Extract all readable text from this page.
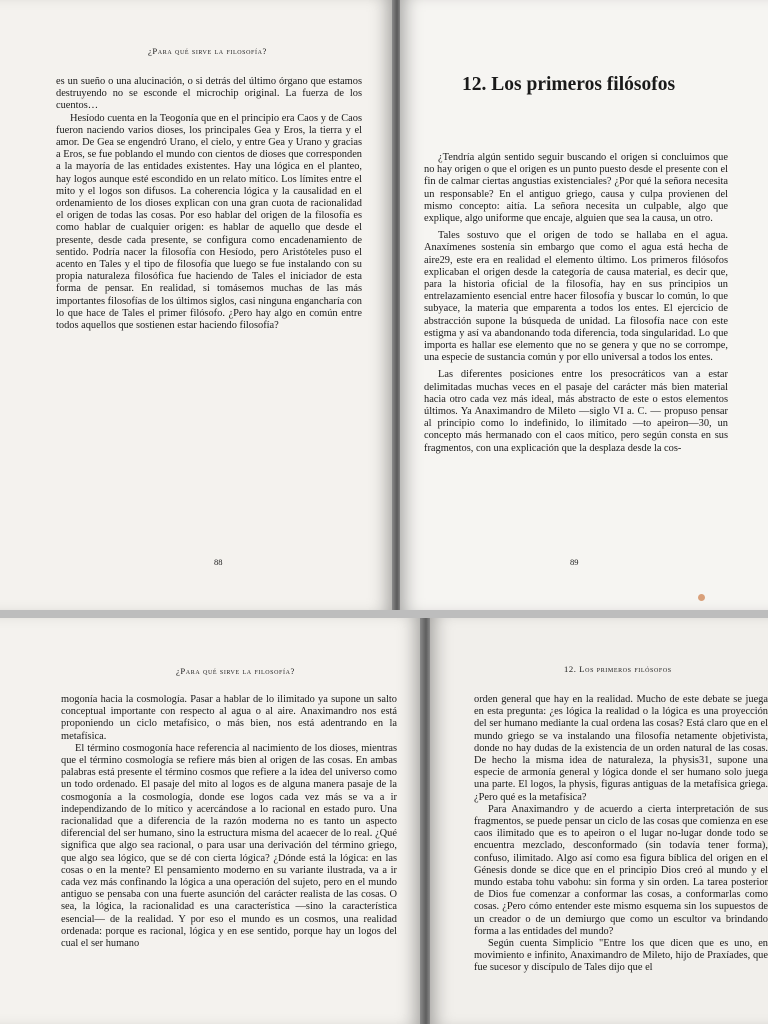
¿Para qué sirve la filosofía?

es un sueño o una alucinación, o si detrás del último órgano que estamos destruyendo no se esconde el microchip original. La fuerza de los cuentos…

Hesíodo cuenta en la Teogonía que en el principio era Caos y de Caos fueron naciendo varios dioses, los principales Gea y Eros, la tierra y el amor. De Gea se engendró Urano, el cielo, y entre Gea y Urano y gracias a Eros, se fue poblando el mundo con cientos de dioses que corresponden a la mayoría de las entidades existentes. Hay una lógica en el planteo, hay logos aunque esté escondido en un relato mítico. Los límites entre el mito y el logos son difusos. La coherencia lógica y la causalidad en el ordenamiento de los dioses explican con una gran cuota de racionalidad el origen de todas las cosas. Por eso hablar del origen de la filosofía es como hablar de cualquier origen: es hablar de aquello que desde el presente, desde cada presente, se configura como encadenamiento de sentido. Podría nacer la filosofía con Hesíodo, pero Aristóteles puso el acento en Tales y el tipo de filosofía que luego se fue instalando con su propia naturaleza filosófica fue haciendo de Tales el iniciador de esta forma de pensar. En realidad, si tomásemos muchas de las más importantes filosofías de los últimos siglos, casi ninguna engancharía con lo que hace de Tales el primer filósofo. ¿Pero hay algo en común entre todos aquellos que sostienen estar haciendo filosofía?

88
12. Los primeros filósofos

¿Tendría algún sentido seguir buscando el origen si concluimos que no hay origen o que el origen es un punto puesto desde el presente con el fin de calmar ciertas angustias existenciales? ¿Por qué la señora necesita un responsable? En el antiguo griego, causa y culpa provienen del mismo concepto: aitía. La señora necesita un culpable, algo que explique, algo uniforme que encaje, alguien que sea la causa, un otro.

Tales sostuvo que el origen de todo se hallaba en el agua. Anaxímenes sostenía sin embargo que como el agua está hecha de aire29, este era en realidad el elemento último. Los primeros filósofos explicaban el origen desde la categoría de causa material, es decir que, para la historia oficial de la filosofía, hay en sus principios un entrelazamiento esencial entre hacer filosofía y buscar lo común, lo que subyace, la materia que emparenta a todos los entes. El ejercicio de abstracción supone la búsqueda de unidad. La filosofía nace con este estigma y así va abandonando toda diferencia, toda singularidad. Lo que importa es hallar ese elemento que no se genera y que no se corrompe, una especie de sustancia común y por ello universal a todos los entes.

Las diferentes posiciones entre los presocráticos van a estar delimitadas muchas veces en el pasaje del carácter más bien material hacia otro cada vez más ideal, más abstracto de este o estos elementos últimos. Ya Anaximandro de Mileto —siglo VI a. C. — propuso pensar al principio como lo indefinido, lo ilimitado —to apeiron—30, un concepto más hermanado con el caos mítico, pero según consta en sus fragmentos, con una explicación que la desplaza desde la cos-

89
¿Para qué sirve la filosofía?

mogonía hacia la cosmología. Pasar a hablar de lo ilimitado ya supone un salto conceptual importante con respecto al agua o al aire. Anaximandro nos está proponiendo un ciclo metafísico, o más bien, nos está adentrando en la metafísica.

El término cosmogonía hace referencia al nacimiento de los dioses, mientras que el término cosmología se refiere más bien al origen de las cosas. En ambas palabras está presente el término cosmos que refiere a la idea del universo como un todo ordenado. El pasaje del mito al logos es de alguna manera pasaje de la cosmogonía a la cosmología, donde ese logos cada vez más se va a ir independizando de lo mítico y acercándose a lo racional en estado puro. Una racionalidad que a diferencia de la razón moderna no es tanto un aspecto diferencial del ser humano, sino la estructura misma del acaecer de lo real. ¿Qué significa que algo sea racional, o para usar una derivación del término griego, que algo sea lógico, que se dé con cierta lógica? ¿Dónde está la lógica: en las cosas o en la mente? El pensamiento moderno en su variante ilustrada, va a ir cada vez más confinando la lógica a una operación del sujeto, pero en el mundo antiguo se pensaba con una fuerte asunción del carácter realista de las cosas. O sea, la lógica, la racionalidad es una característica —sino la característica esencial— de la realidad. Y por eso el mundo es un cosmos, una realidad ordenada: porque es racional, lógica y en ese sentido, porque hay un logos del cual el ser humano

12. Los primeros filósofos

orden general que hay en la realidad. Mucho de este debate se juega en esta pregunta: ¿es lógica la realidad o la lógica es una proyección del ser humano mediante la cual ordena las cosas? Está claro que en el mundo griego se va instalando una filosofía netamente objetivista, donde no hay dudas de la existencia de un orden natural de las cosas. De hecho la misma idea de naturaleza, la physis31, supone una especie de armonía general y lógica donde el ser humano solo juega una parte. El logos, la physis, figuras antiguas de la metafísica griega. ¿Pero qué es la metafísica?

Para Anaximandro y de acuerdo a cierta interpretación de sus fragmentos, se puede pensar un ciclo de las cosas que comienza en ese caos ilimitado que es to apeiron o el lugar no-lugar donde todo se encuentra mezclado, desconformado (sin todavía tener forma), confuso, ilimitado. Algo así como esa figura bíblica del origen en el Génesis donde se dice que en el principio Dios creó al mundo y el mundo estaba tohu vabohu: sin forma y sin orden. La tarea posterior de Dios fue comenzar a conformar las cosas, a conformarlas como cosas. ¿Pero cómo entender este mismo esquema sin los supuestos de un creador o de un demiurgo que como un escultor va brindando forma a las entidades del mundo?

Según cuenta Simplicio "Entre los que dicen que es uno, en movimiento e infinito, Anaximandro de Mileto, hijo de Praxíades, que fue sucesor y discípulo de Tales dijo que el
